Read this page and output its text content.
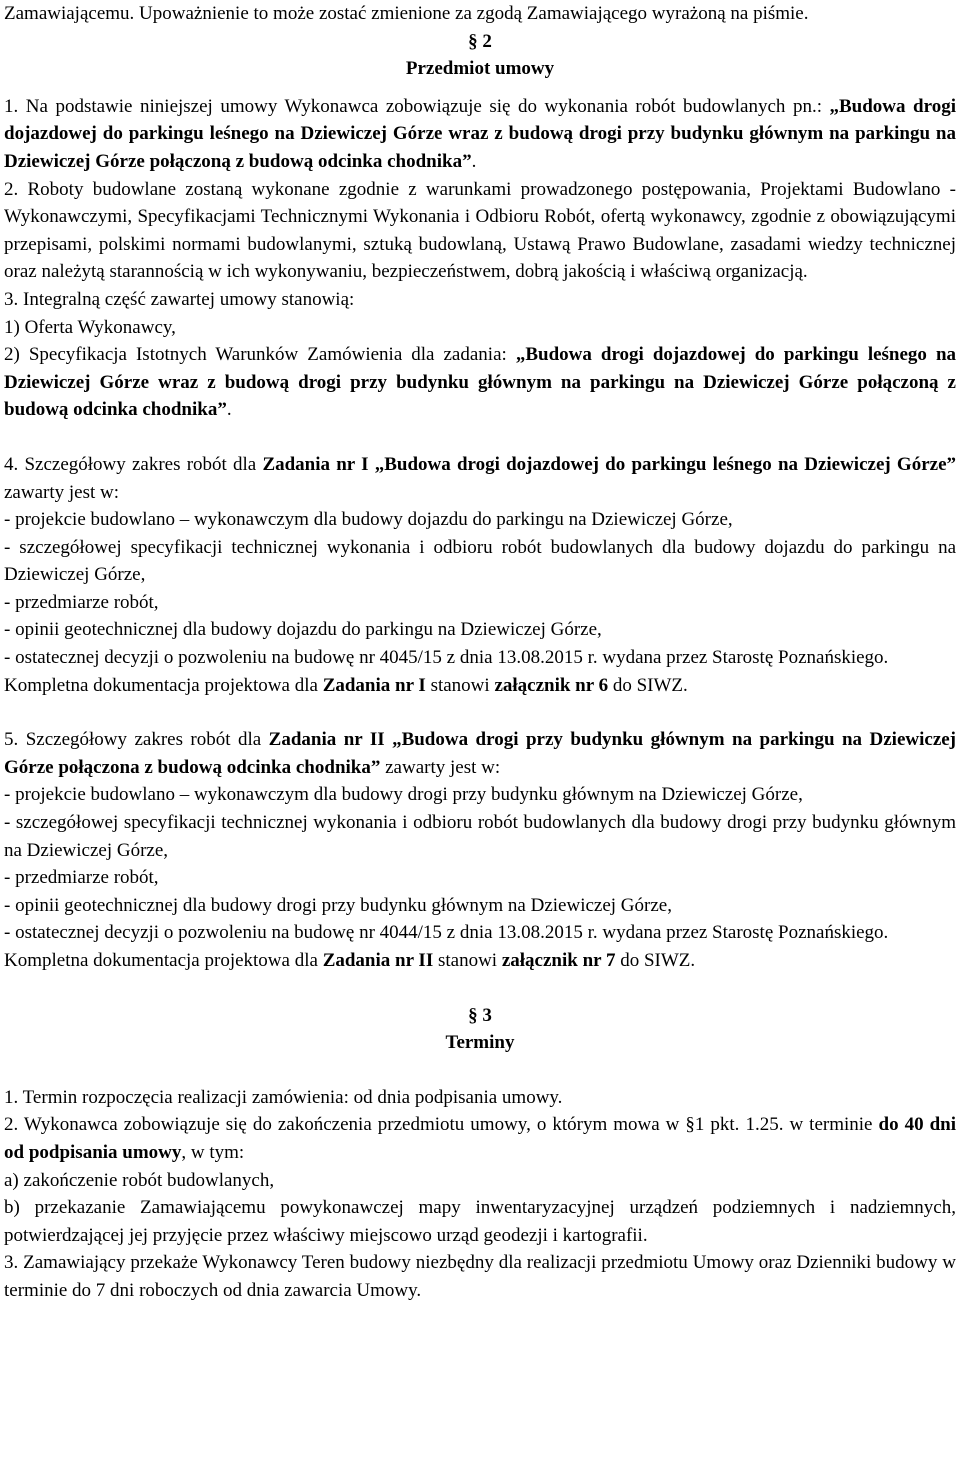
Zamawiającemu. Upoważnienie to może zostać zmienione za zgodą Zamawiającego wyrażoną na piśmie.

§ 2

Przedmiot umowy

1. Na podstawie niniejszej umowy Wykonawca zobowiązuje się do wykonania robót budowlanych pn.: „Budowa drogi dojazdowej do parkingu leśnego na Dziewiczej Górze wraz z budową drogi przy budynku głównym na parkingu na Dziewiczej Górze połączoną z budową odcinka chodnika”.

2. Roboty budowlane zostaną wykonane zgodnie z warunkami prowadzonego postępowania, Projektami Budowlano - Wykonawczymi, Specyfikacjami Technicznymi Wykonania i Odbioru Robót, ofertą wykonawcy, zgodnie z obowiązującymi przepisami, polskimi normami budowlanymi, sztuką budowlaną, Ustawą Prawo Budowlane, zasadami wiedzy technicznej oraz należytą starannością w ich wykonywaniu, bezpieczeństwem, dobrą jakością i właściwą organizacją.

3. Integralną część zawartej umowy stanowią:

1) Oferta Wykonawcy,

2) Specyfikacja Istotnych Warunków Zamówienia dla zadania: „Budowa drogi dojazdowej do parkingu leśnego na Dziewiczej Górze wraz z budową drogi przy budynku głównym na parkingu na Dziewiczej Górze połączoną z budową odcinka chodnika”.

4. Szczegółowy zakres robót dla Zadania nr I „Budowa drogi dojazdowej do parkingu leśnego na Dziewiczej Górze” zawarty jest w:

- projekcie budowlano – wykonawczym dla budowy dojazdu do parkingu na Dziewiczej Górze,

- szczegółowej specyfikacji technicznej wykonania i odbioru robót budowlanych dla budowy dojazdu do parkingu na Dziewiczej Górze,

- przedmiarze robót,

- opinii geotechnicznej dla budowy dojazdu do parkingu na Dziewiczej Górze,

- ostatecznej decyzji o pozwoleniu na budowę nr 4045/15 z dnia 13.08.2015 r. wydana przez Starostę Poznańskiego.

Kompletna dokumentacja projektowa dla Zadania nr I stanowi załącznik nr 6 do SIWZ.

5. Szczegółowy zakres robót dla Zadania nr II „Budowa drogi przy budynku głównym na parkingu na Dziewiczej Górze połączona z budową odcinka chodnika” zawarty jest w:

- projekcie budowlano – wykonawczym dla budowy drogi przy budynku głównym na Dziewiczej Górze,

- szczegółowej specyfikacji technicznej wykonania i odbioru robót budowlanych dla budowy drogi przy budynku głównym na Dziewiczej Górze,

- przedmiarze robót,

- opinii geotechnicznej dla budowy drogi przy budynku głównym na Dziewiczej Górze,

- ostatecznej decyzji o pozwoleniu na budowę nr 4044/15 z dnia 13.08.2015 r. wydana przez Starostę Poznańskiego.

Kompletna dokumentacja projektowa dla Zadania nr II stanowi załącznik nr 7 do SIWZ.

§ 3

Terminy

1. Termin rozpoczęcia realizacji zamówienia: od dnia podpisania umowy.

2. Wykonawca zobowiązuje się do zakończenia przedmiotu umowy, o którym mowa w §1 pkt. 1.25. w terminie do 40 dni od podpisania umowy, w tym:

a) zakończenie robót budowlanych,

b) przekazanie Zamawiającemu powykonawczej mapy inwentaryzacyjnej urządzeń podziemnych i nadziemnych, potwierdzającej jej przyjęcie przez właściwy miejscowo urząd geodezji i kartografii.

3. Zamawiający przekaże Wykonawcy Teren budowy niezbędny dla realizacji przedmiotu Umowy oraz Dzienniki budowy w terminie do 7 dni roboczych od dnia zawarcia Umowy.
